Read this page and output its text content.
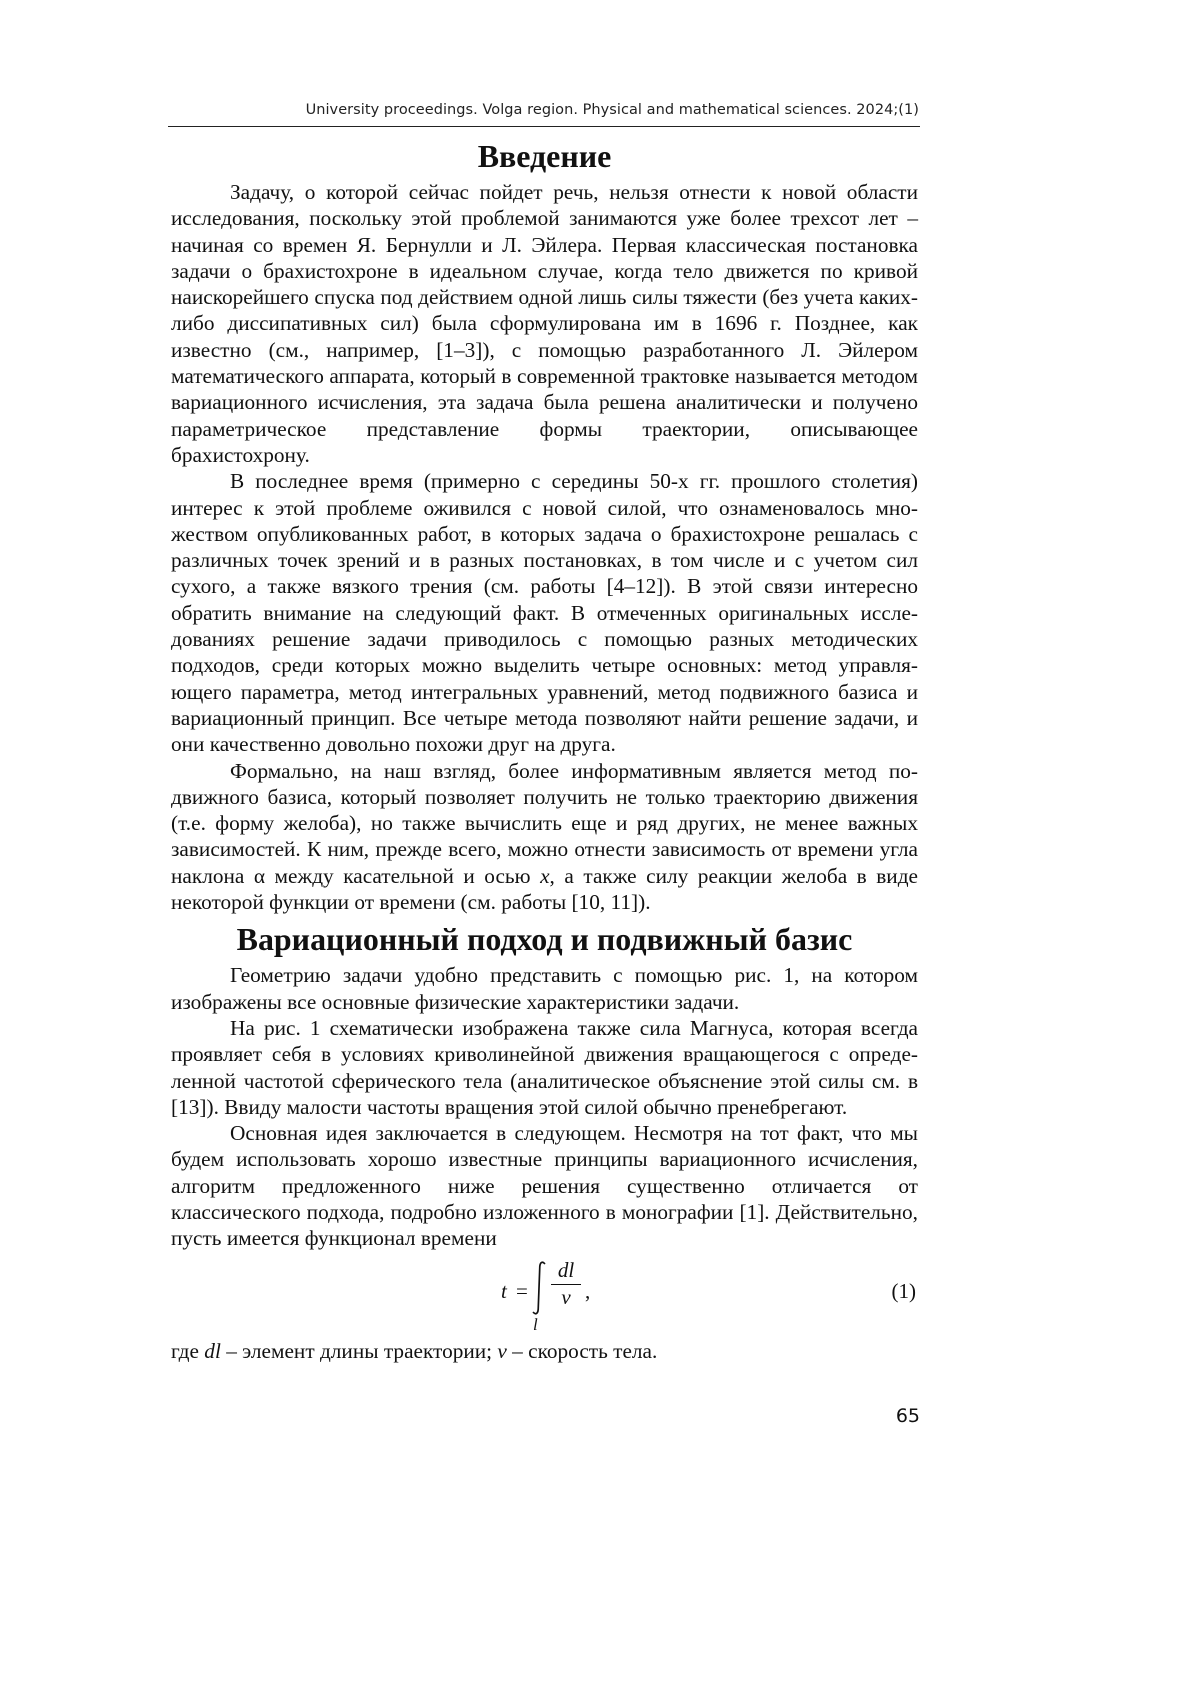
University proceedings. Volga region. Physical and mathematical sciences. 2024;(1)
Введение

Задачу, о которой сейчас пойдет речь, нельзя отнести к новой области исследования, поскольку этой проблемой занимаются уже более трехсот лет – начиная со времен Я. Бернулли и Л. Эйлера. Первая классическая постановка задачи о брахистохроне в идеальном случае, когда тело движется по кривой наискорейшего спуска под действием одной лишь силы тяжести (без учета каких-либо диссипативных сил) была сформулирована им в 1696 г. Позднее, как известно (см., например, [1–3]), с помощью разработанного Л. Эйлером математического аппарата, который в современной трактовке называется методом вариационного исчисления, эта задача была решена аналитически и получено параметрическое представление формы траектории, описывающее брахистохрону.

В последнее время (примерно с середины 50-х гг. прошлого столетия) интерес к этой проблеме оживился с новой силой, что ознаменовалось множеством опубликованных работ, в которых задача о брахистохроне решалась с различных точек зрений и в разных постановках, в том числе и с учетом сил сухого, а также вязкого трения (см. работы [4–12]). В этой связи интересно обратить внимание на следующий факт. В отмеченных оригинальных исследованиях решение задачи приводилось с помощью разных методических подходов, среди которых можно выделить четыре основных: метод управляющего параметра, метод интегральных уравнений, метод подвижного базиса и вариационный принцип. Все четыре метода позволяют найти решение задачи, и они качественно довольно похожи друг на друга.

Формально, на наш взгляд, более информативным является метод подвижного базиса, который позволяет получить не только траекторию движения (т.е. форму желоба), но также вычислить еще и ряд других, не менее важных зависимостей. К ним, прежде всего, можно отнести зависимость от времени угла наклона α между касательной и осью x, а также силу реакции желоба в виде некоторой функции от времени (см. работы [10, 11]).

Вариационный подход и подвижный базис

Геометрию задачи удобно представить с помощью рис. 1, на котором изображены все основные физические характеристики задачи.

На рис. 1 схематически изображена также сила Магнуса, которая всегда проявляет себя в условиях криволинейной движения вращающегося с определенной частотой сферического тела (аналитическое объяснение этой силы см. в [13]). Ввиду малости частоты вращения этой силой обычно пренебрегают.

Основная идея заключается в следующем. Несмотря на тот факт, что мы будем использовать хорошо известные принципы вариационного исчисления, алгоритм предложенного ниже решения существенно отличается от классического подхода, подробно изложенного в монографии [1]. Действительно, пусть имеется функционал времени

t =
l
dl
v ,	(1)

где dl – элемент длины траектории; v – скорость тела.

65
